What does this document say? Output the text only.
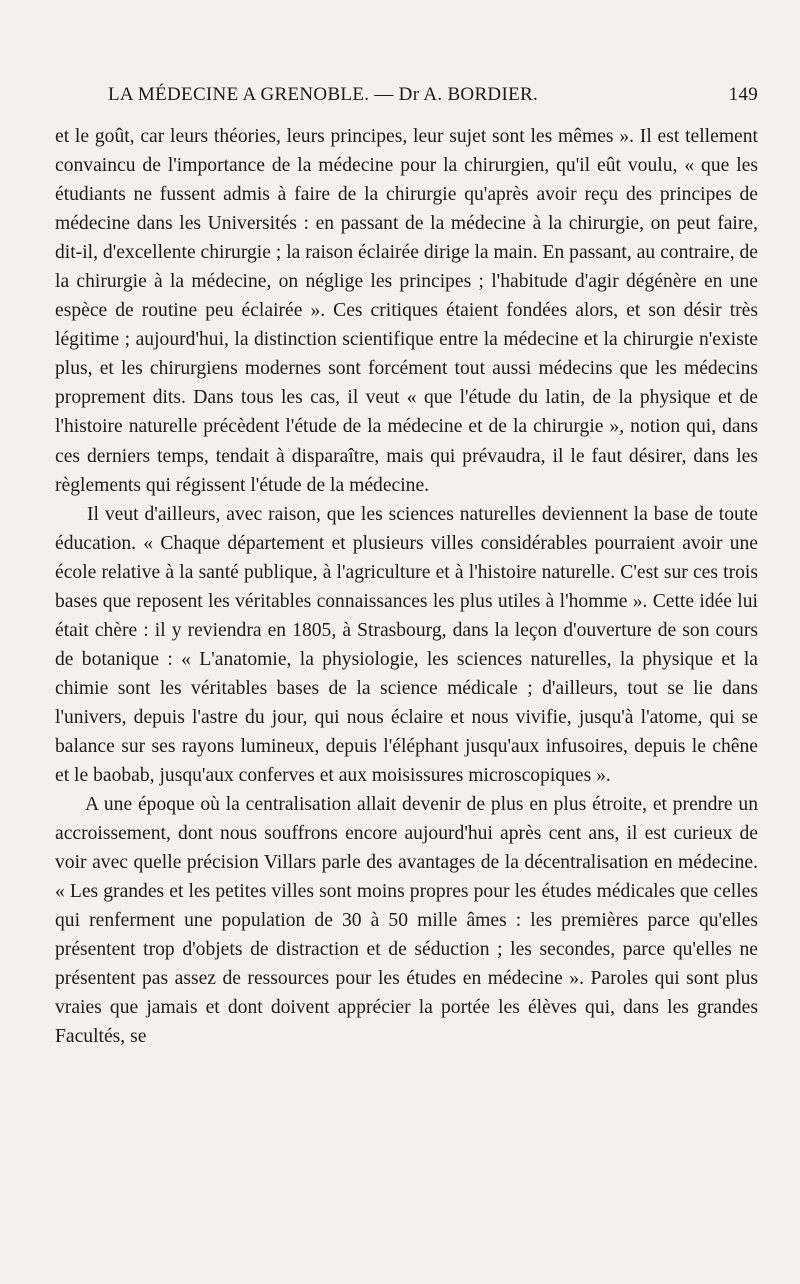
LA MÉDECINE A GRENOBLE. — Dr A. BORDIER.	149

et le goût, car leurs théories, leurs principes, leur sujet sont les mêmes ». Il est tellement convaincu de l'importance de la médecine pour la chirurgien, qu'il eût voulu, « que les étudiants ne fussent admis à faire de la chirurgie qu'après avoir reçu des principes de médecine dans les Universités : en passant de la médecine à la chirurgie, on peut faire, dit-il, d'excellente chirurgie ; la raison éclairée dirige la main. En passant, au contraire, de la chirurgie à la médecine, on néglige les principes ; l'habitude d'agir dégénère en une espèce de routine peu éclairée ». Ces critiques étaient fondées alors, et son désir très légitime ; aujourd'hui, la distinction scientifique entre la médecine et la chirurgie n'existe plus, et les chirurgiens modernes sont forcément tout aussi médecins que les médecins proprement dits. Dans tous les cas, il veut « que l'étude du latin, de la physique et de l'histoire naturelle précèdent l'étude de la médecine et de la chirurgie », notion qui, dans ces derniers temps, tendait à disparaître, mais qui prévaudra, il le faut désirer, dans les règlements qui régissent l'étude de la médecine.

Il veut d'ailleurs, avec raison, que les sciences naturelles deviennent la base de toute éducation. « Chaque département et plusieurs villes considérables pourraient avoir une école relative à la santé publique, à l'agriculture et à l'histoire naturelle. C'est sur ces trois bases que reposent les véritables connaissances les plus utiles à l'homme ». Cette idée lui était chère : il y reviendra en 1805, à Strasbourg, dans la leçon d'ouverture de son cours de botanique : « L'anatomie, la physiologie, les sciences naturelles, la physique et la chimie sont les véritables bases de la science médicale ; d'ailleurs, tout se lie dans l'univers, depuis l'astre du jour, qui nous éclaire et nous vivifie, jusqu'à l'atome, qui se balance sur ses rayons lumineux, depuis l'éléphant jusqu'aux infusoires, depuis le chêne et le baobab, jusqu'aux conferves et aux moisissures microscopiques ».

A une époque où la centralisation allait devenir de plus en plus étroite, et prendre un accroissement, dont nous souffrons encore aujourd'hui après cent ans, il est curieux de voir avec quelle précision Villars parle des avantages de la décentralisation en médecine. « Les grandes et les petites villes sont moins propres pour les études médicales que celles qui renferment une population de 30 à 50 mille âmes : les premières parce qu'elles présentent trop d'objets de distraction et de séduction ; les secondes, parce qu'elles ne présentent pas assez de ressources pour les études en médecine ». Paroles qui sont plus vraies que jamais et dont doivent apprécier la portée les élèves qui, dans les grandes Facultés, se
